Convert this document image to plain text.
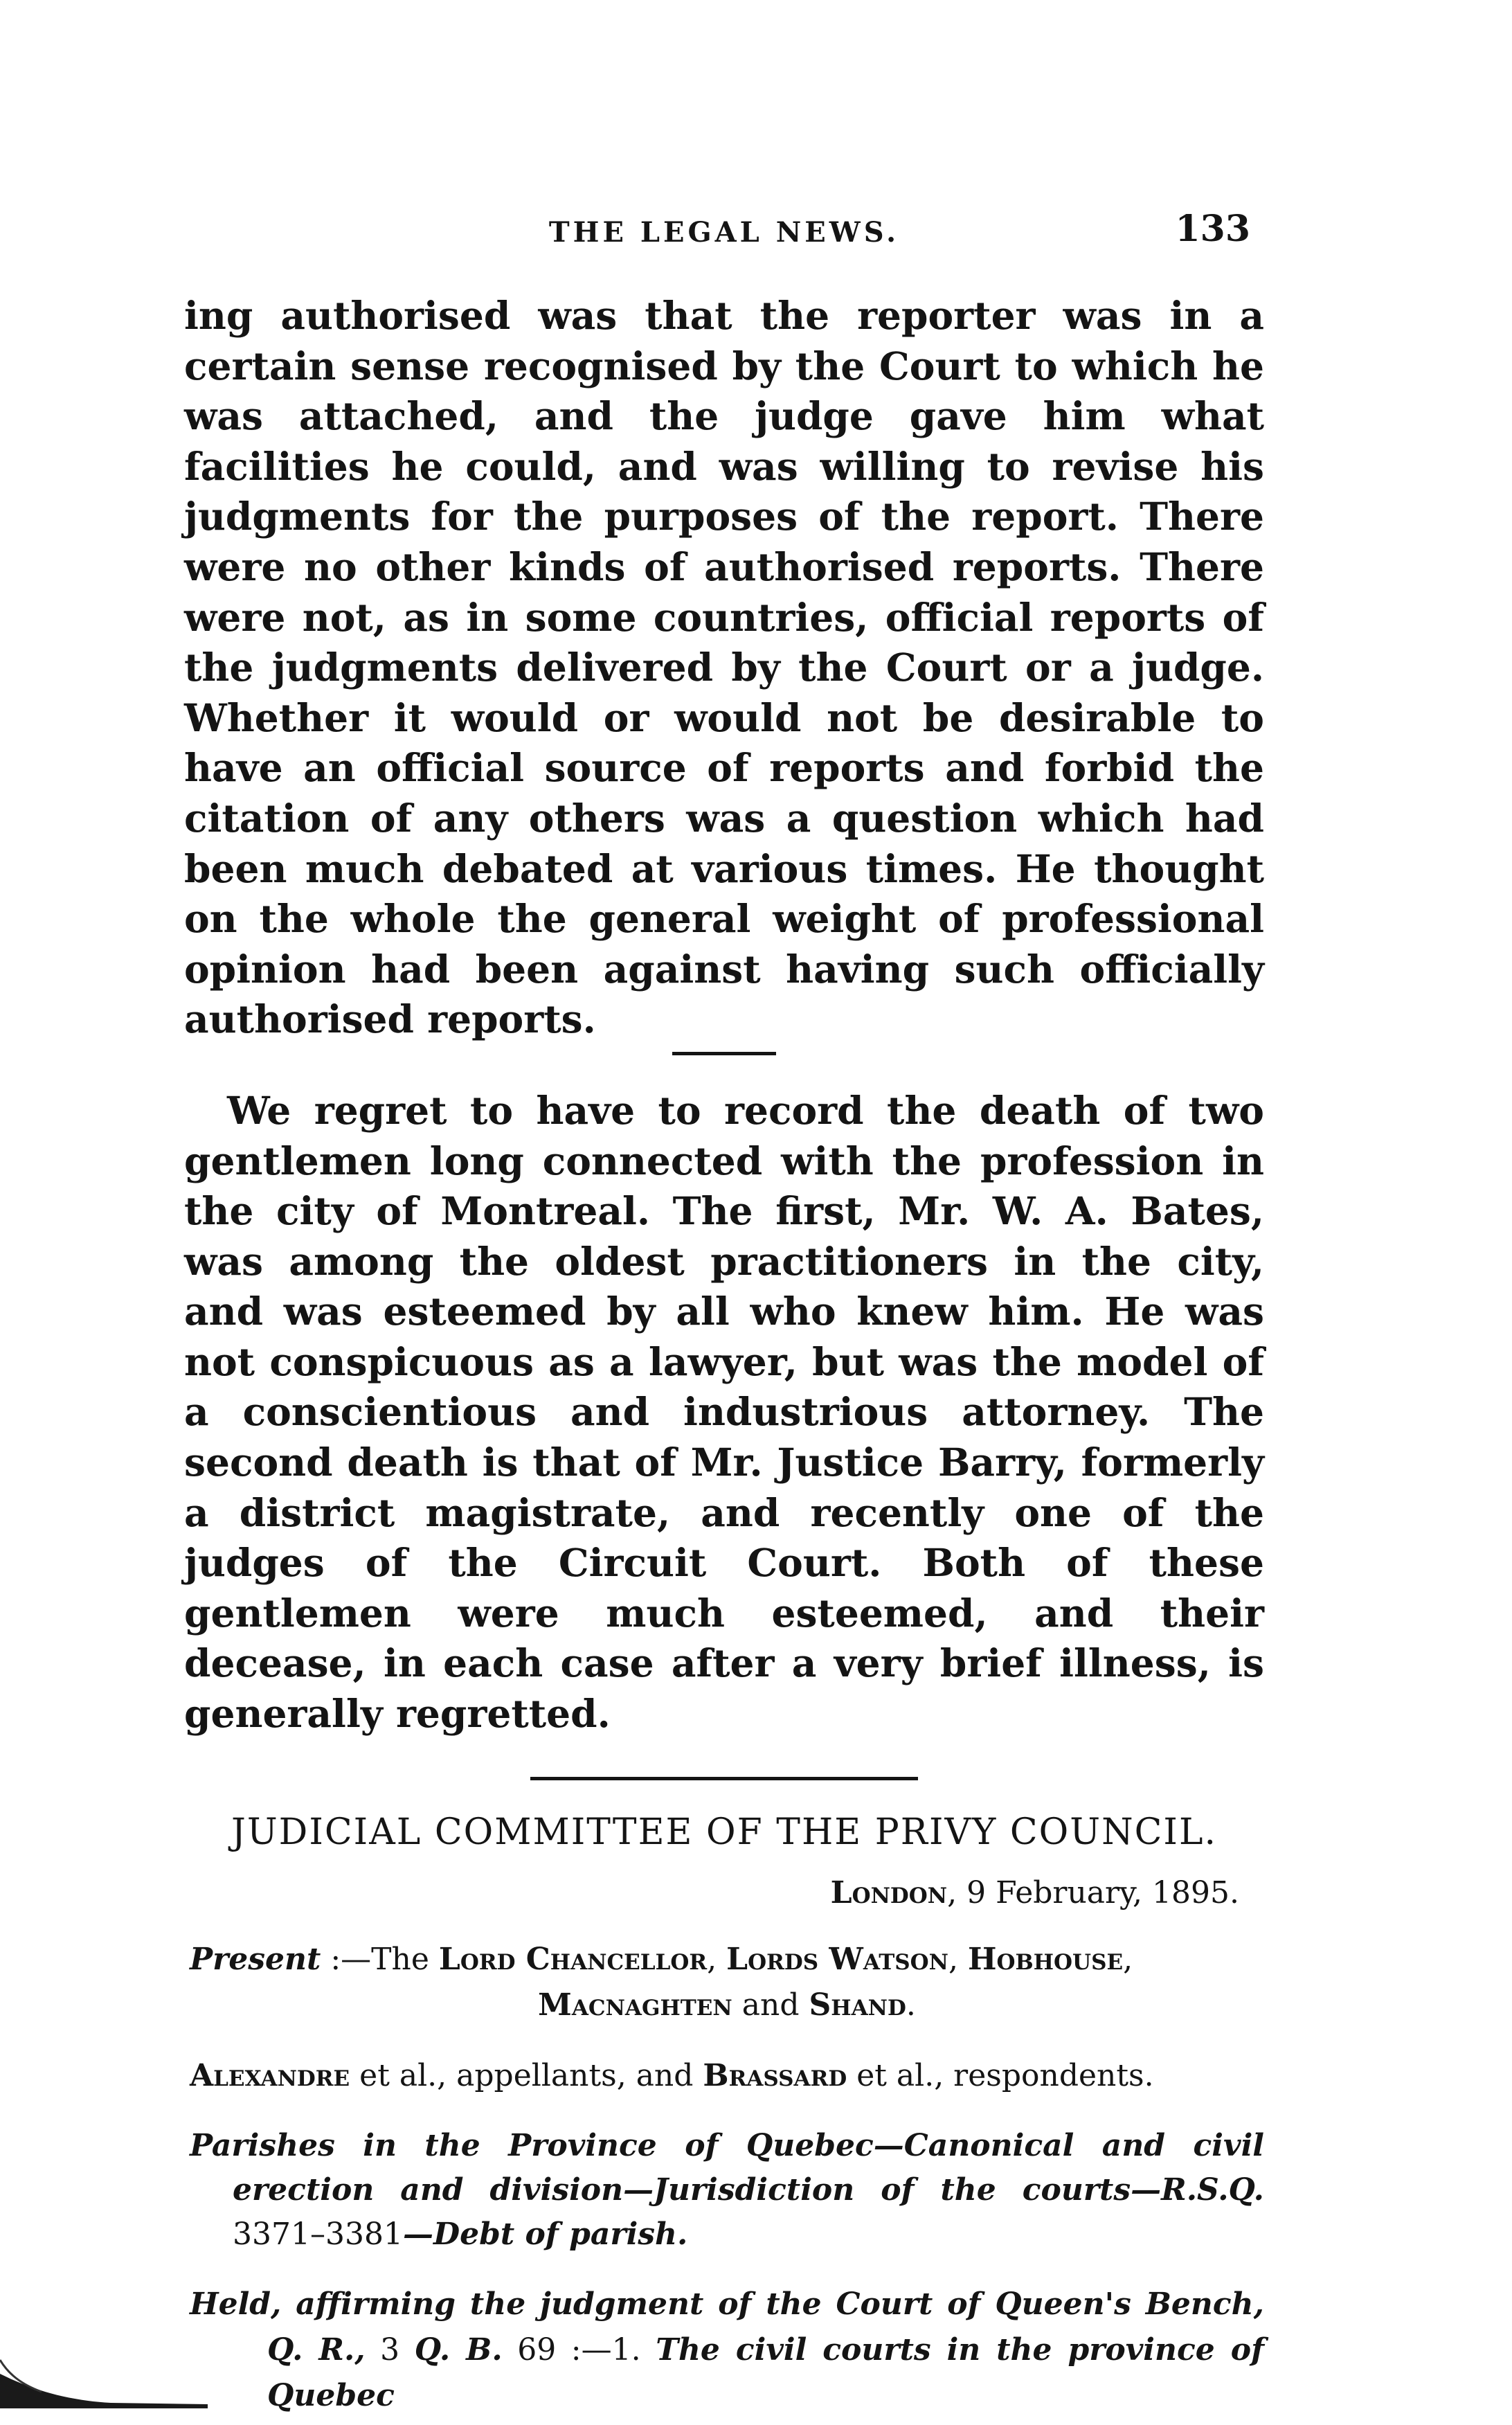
THE LEGAL NEWS.	133

ing authorised was that the reporter was in a certain sense recognised by the Court to which he was attached, and the judge gave him what facilities he could, and was willing to revise his judgments for the purposes of the report. There were no other kinds of authorised reports. There were not, as in some countries, official reports of the judgments delivered by the Court or a judge. Whether it would or would not be desirable to have an official source of reports and forbid the citation of any others was a question which had been much debated at various times. He thought on the whole the general weight of professional opinion had been against having such officially authorised reports.

We regret to have to record the death of two gentlemen long connected with the profession in the city of Montreal. The first, Mr. W. A. Bates, was among the oldest practitioners in the city, and was esteemed by all who knew him. He was not conspicuous as a lawyer, but was the model of a conscientious and industrious attorney. The second death is that of Mr. Justice Barry, formerly a district magistrate, and recently one of the judges of the Circuit Court. Both of these gentlemen were much esteemed, and their decease, in each case after a very brief illness, is generally regretted.

JUDICIAL COMMITTEE OF THE PRIVY COUNCIL.

London, 9 February, 1895.

Present :—The Lord Chancellor, Lords Watson, Hobhouse,
Macnaghten and Shand.

Alexandre et al., appellants, and Brassard et al., respondents.

Parishes in the Province of Quebec—Canonical and civil erection and division—Jurisdiction of the courts—R.S.Q. 3371–3381—Debt of parish.

Held, affirming the judgment of the Court of Queen's Bench, Q. R., 3 Q. B. 69 :—1. The civil courts in the province of Quebec
